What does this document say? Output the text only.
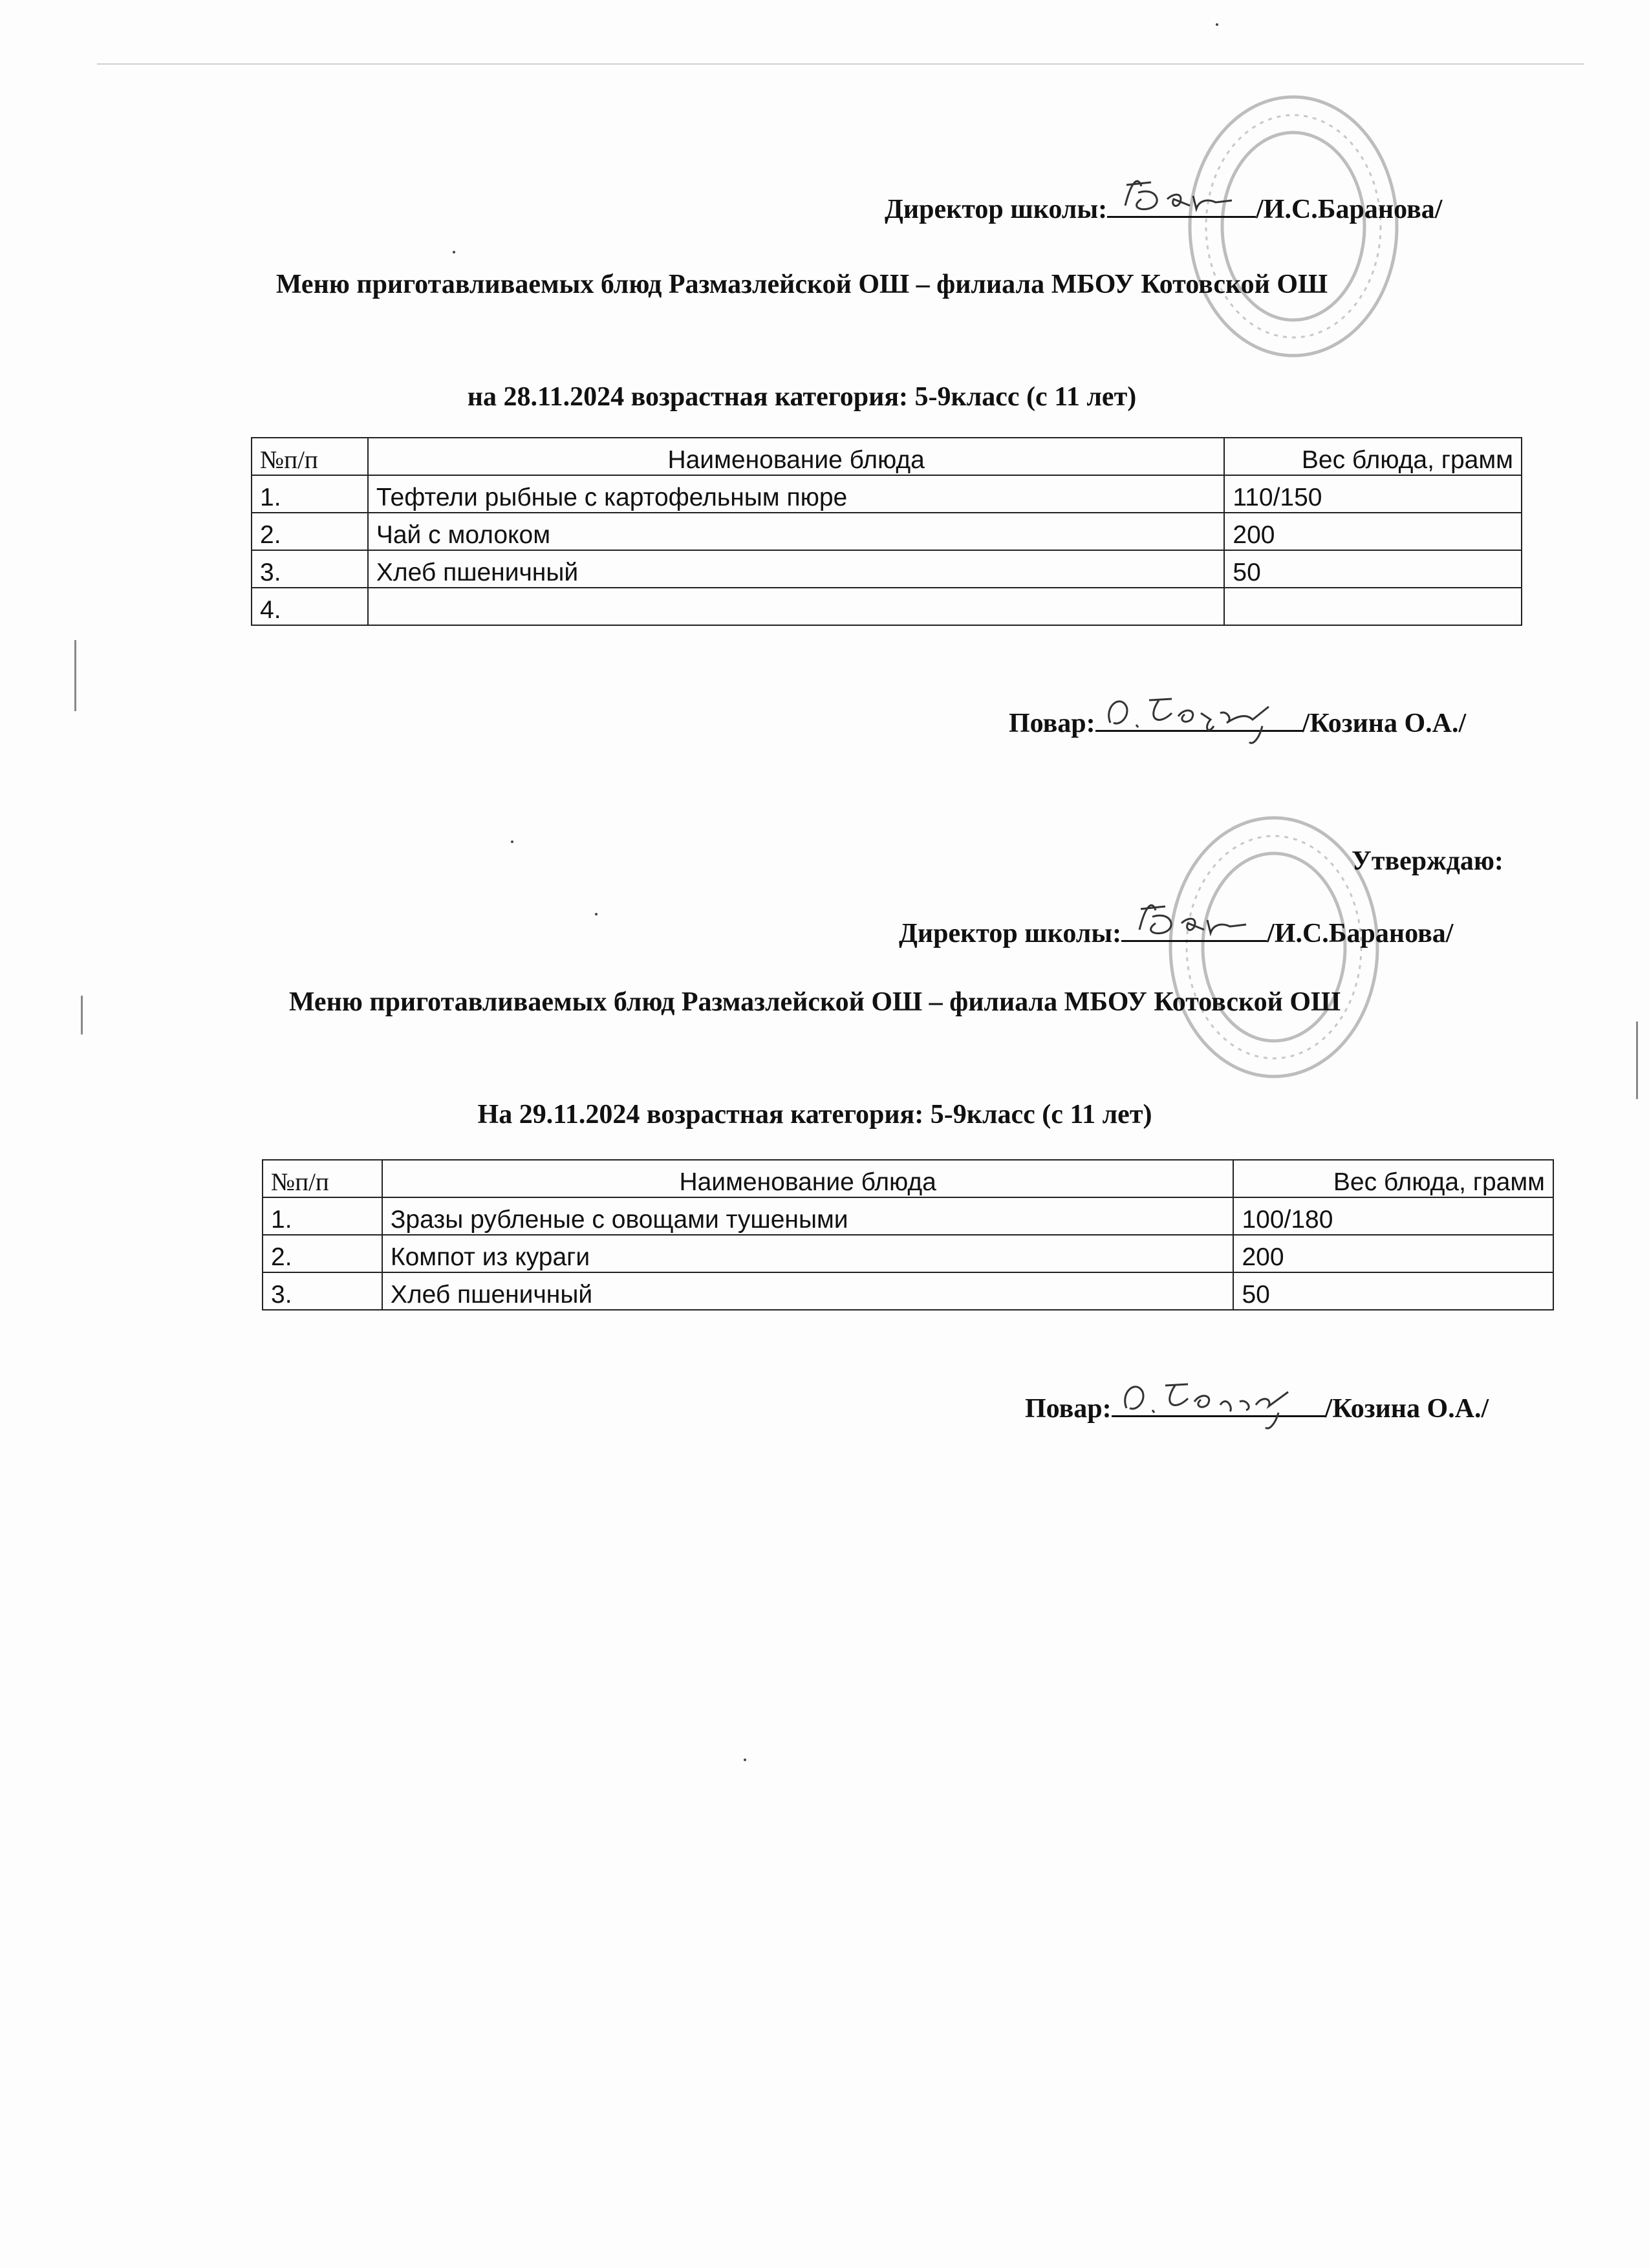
Директор школы:	/И.С.Баранова/
Меню приготавливаемых блюд Размазлейской ОШ – филиала МБОУ Котовской ОШ
на 28.11.2024 возрастная категория: 5-9класс (с 11 лет)
№п/п	Наименование блюда	Вес блюда, грамм
1.	Тефтели рыбные с картофельным пюре	110/150
2.	Чай с молоком	200
3.	Хлеб пшеничный	50
4.		
Повар:	/Козина О.А./
Утверждаю:
Директор школы:	/И.С.Баранова/
Меню приготавливаемых блюд Размазлейской ОШ – филиала МБОУ Котовской ОШ
На 29.11.2024 возрастная категория: 5-9класс (с 11 лет)
№п/п	Наименование блюда	Вес блюда, грамм
1.	Зразы рубленые с овощами тушеными	100/180
2.	Компот из кураги	200
3.	Хлеб пшеничный	50
Повар:	/Козина О.А./
